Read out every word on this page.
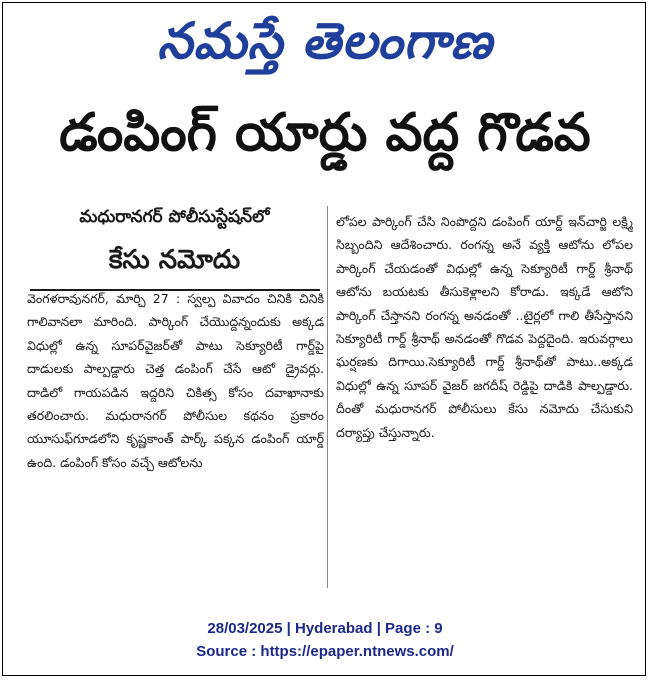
నమస్తే తెలంగాణ
డంపింగ్ యార్డు వద్ద గొడవ
మధురానగర్ పోలీసుస్టేషన్‌లో
కేసు నమోదు
వెంగళరావునగర్, మార్చి 27 : స్వల్ప వివాదం చినికి చినికి గాలివానలా మారింది. పార్కింగ్ చేయొద్దన్నందుకు అక్కడ విధుల్లో ఉన్న సూపర్‌వైజర్‌తో పాటు సెక్యూరిటీ గార్డ్‌పై దాడులకు పాల్పడ్డారు చెత్త డంపింగ్ చేసే ఆటో డ్రైవర్లు. దాడిలో గాయపడిన ఇద్దరిని చికిత్స కోసం దవాఖానాకు తరలించారు. మధురానగర్ పోలీసుల కథనం ప్రకారం యూసుఫ్‌గూడలోని కృష్ణకాంత్ పార్క్ పక్కన డంపింగ్ యార్డ్ ఉంది. డంపింగ్ కోసం వచ్చే ఆటోలను
లోపల పార్కింగ్ చేసి నింపొద్దని డంపింగ్ యార్డ్ ఇన్‌చార్జి లక్ష్మి సిబ్బందిని ఆదేశించారు. రంగన్న అనే వ్యక్తి ఆటోను లోపల పార్కింగ్ చేయడంతో విధుల్లో ఉన్న సెక్యూరిటీ గార్డ్ శ్రీనాథ్ ఆటోను బయటకు తీసుకెళ్లాలని కోరాడు. ఇక్కడే ఆటోని పార్కింగ్ చేస్తానని రంగన్న అనడంతో ..టైర్లలో గాలి తీసేస్తానని సెక్యూరిటీ గార్డ్ శ్రీనాథ్ అనడంతో గొడవ పెద్దదైంది. ఇరువర్గాలు ఘర్షణకు దిగాయి.సెక్యూరిటీ గార్డ్ శ్రీనాథ్‌తో పాటు..అక్కడ విధుల్లో ఉన్న సూపర్ వైజర్ జగదీష్ రెడ్డిపై దాడికి పాల్పడ్డారు. దీంతో మధురానగర్ పోలీసులు కేసు నమోదు చేసుకుని దర్యాప్తు చేస్తున్నారు.
28/03/2025 | Hyderabad | Page : 9
Source : https://epaper.ntnews.com/
